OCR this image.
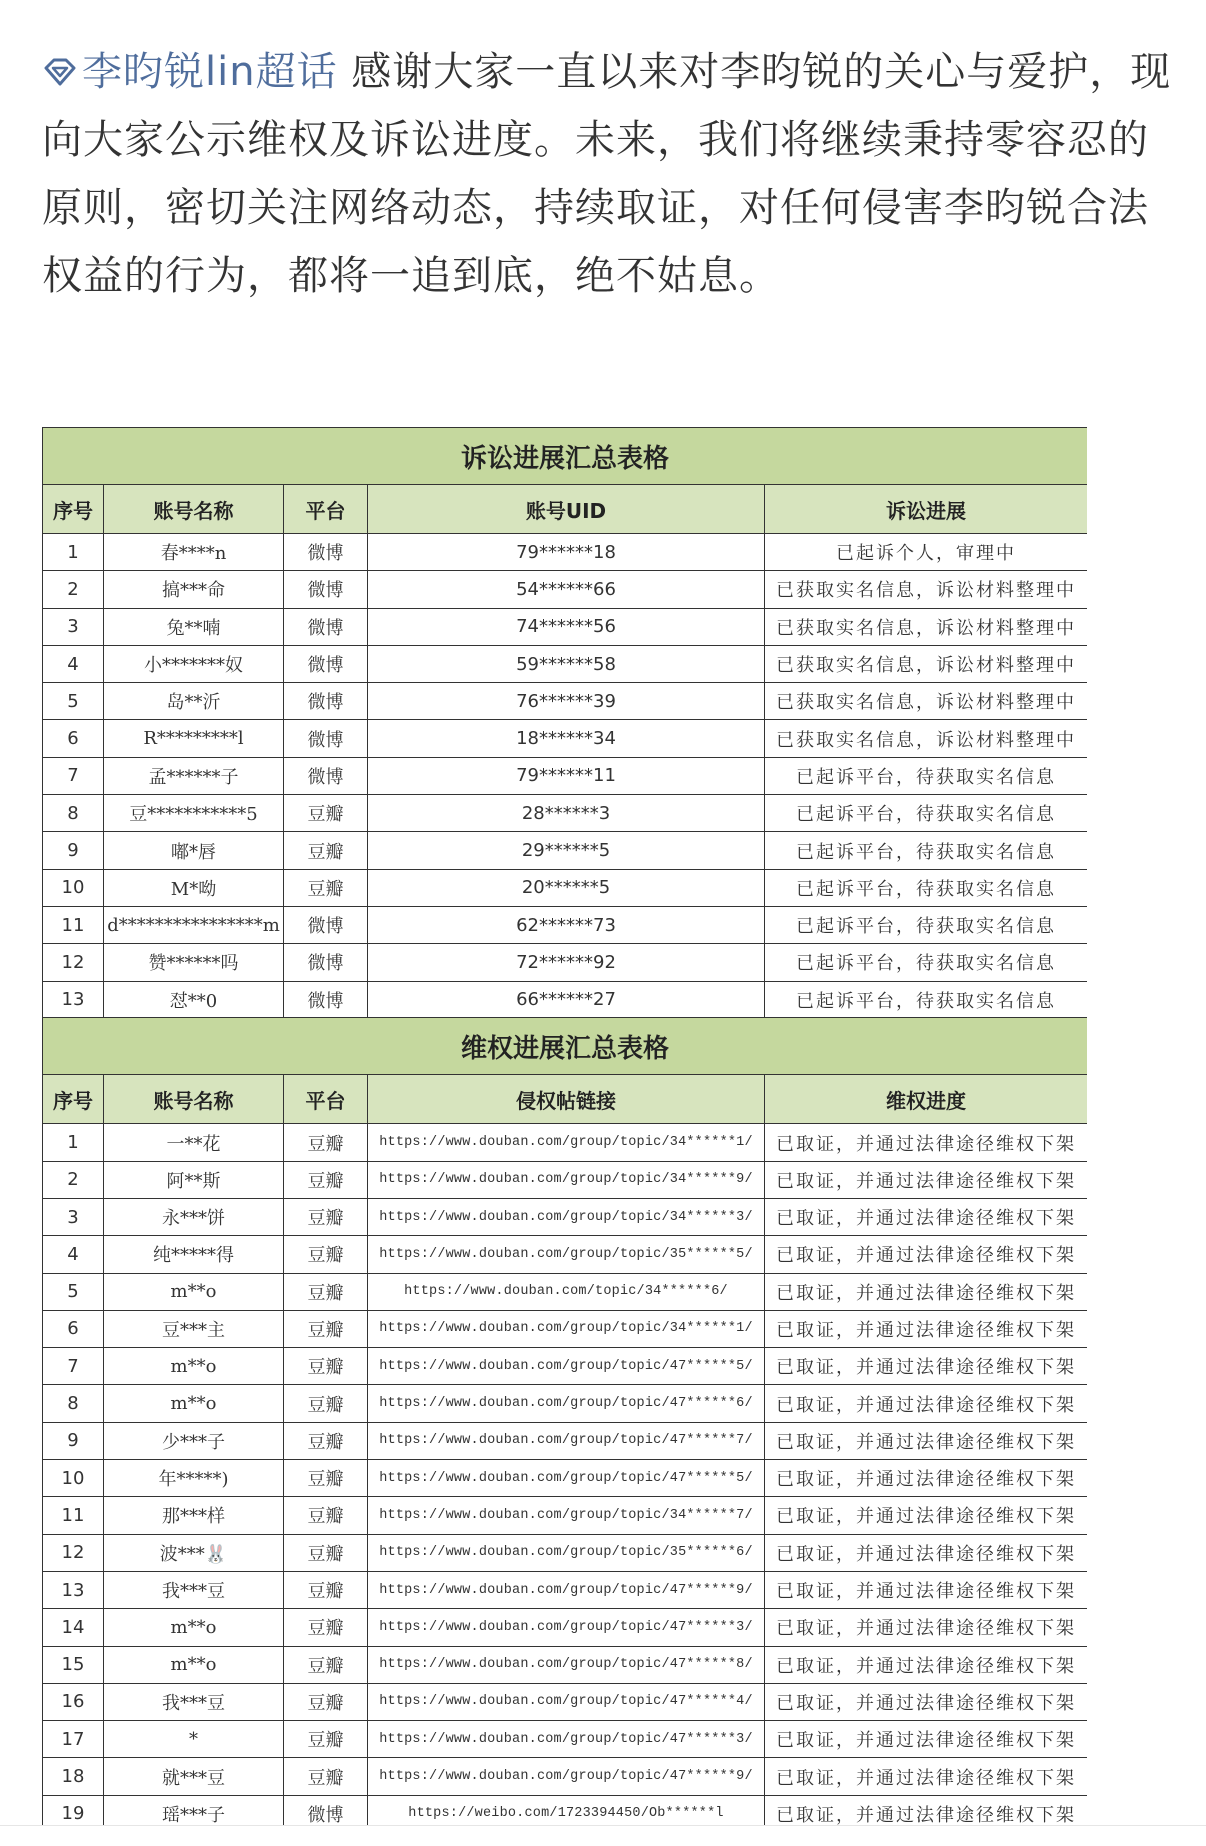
李昀锐lin超话 感谢大家一直以来对李昀锐的关心与爱护，现向大家公示维权及诉讼进度。未来，我们将继续秉持零容忍的原则，密切关注网络动态，持续取证，对任何侵害李昀锐合法权益的行为，都将一追到底，绝不姑息。
诉讼进展汇总表格				
序号	账号名称	平台	账号UID	诉讼进展
1	春****n	微博	79******18	已起诉个人，审理中
2	搞***命	微博	54******66	已获取实名信息，诉讼材料整理中
3	兔**喃	微博	74******56	已获取实名信息，诉讼材料整理中
4	小*******奴	微博	59******58	已获取实名信息，诉讼材料整理中
5	岛**沂	微博	76******39	已获取实名信息，诉讼材料整理中
6	R*********l	微博	18******34	已获取实名信息，诉讼材料整理中
7	孟******子	微博	79******11	已起诉平台，待获取实名信息
8	豆***********5	豆瓣	28******3	已起诉平台，待获取实名信息
9	嘟*唇	豆瓣	29******5	已起诉平台，待获取实名信息
10	M*呦	豆瓣	20******5	已起诉平台，待获取实名信息
11	d****************m	微博	62******73	已起诉平台，待获取实名信息
12	赞******吗	微博	72******92	已起诉平台，待获取实名信息
13	怼**0	微博	66******27	已起诉平台，待获取实名信息
维权进展汇总表格				
序号	账号名称	平台	侵权帖链接	维权进度
1	一**花	豆瓣	https://www.douban.com/group/topic/34******1/	已取证，并通过法律途径维权下架
2	阿**斯	豆瓣	https://www.douban.com/group/topic/34******9/	已取证，并通过法律途径维权下架
3	永***饼	豆瓣	https://www.douban.com/group/topic/34******3/	已取证，并通过法律途径维权下架
4	纯*****得	豆瓣	https://www.douban.com/group/topic/35******5/	已取证，并通过法律途径维权下架
5	m**o	豆瓣	https://www.douban.com/topic/34******6/	已取证，并通过法律途径维权下架
6	豆***主	豆瓣	https://www.douban.com/group/topic/34******1/	已取证，并通过法律途径维权下架
7	m**o	豆瓣	https://www.douban.com/group/topic/47******5/	已取证，并通过法律途径维权下架
8	m**o	豆瓣	https://www.douban.com/group/topic/47******6/	已取证，并通过法律途径维权下架
9	少***子	豆瓣	https://www.douban.com/group/topic/47******7/	已取证，并通过法律途径维权下架
10	年*****)	豆瓣	https://www.douban.com/group/topic/47******5/	已取证，并通过法律途径维权下架
11	那***样	豆瓣	https://www.douban.com/group/topic/34******7/	已取证，并通过法律途径维权下架
12	波***🐰	豆瓣	https://www.douban.com/group/topic/35******6/	已取证，并通过法律途径维权下架
13	我***豆	豆瓣	https://www.douban.com/group/topic/47******9/	已取证，并通过法律途径维权下架
14	m**o	豆瓣	https://www.douban.com/group/topic/47******3/	已取证，并通过法律途径维权下架
15	m**o	豆瓣	https://www.douban.com/group/topic/47******8/	已取证，并通过法律途径维权下架
16	我***豆	豆瓣	https://www.douban.com/group/topic/47******4/	已取证，并通过法律途径维权下架
17	*	豆瓣	https://www.douban.com/group/topic/47******3/	已取证，并通过法律途径维权下架
18	就***豆	豆瓣	https://www.douban.com/group/topic/47******9/	已取证，并通过法律途径维权下架
19	瑶***子	微博	https://weibo.com/1723394450/Ob******l	已取证，并通过法律途径维权下架
